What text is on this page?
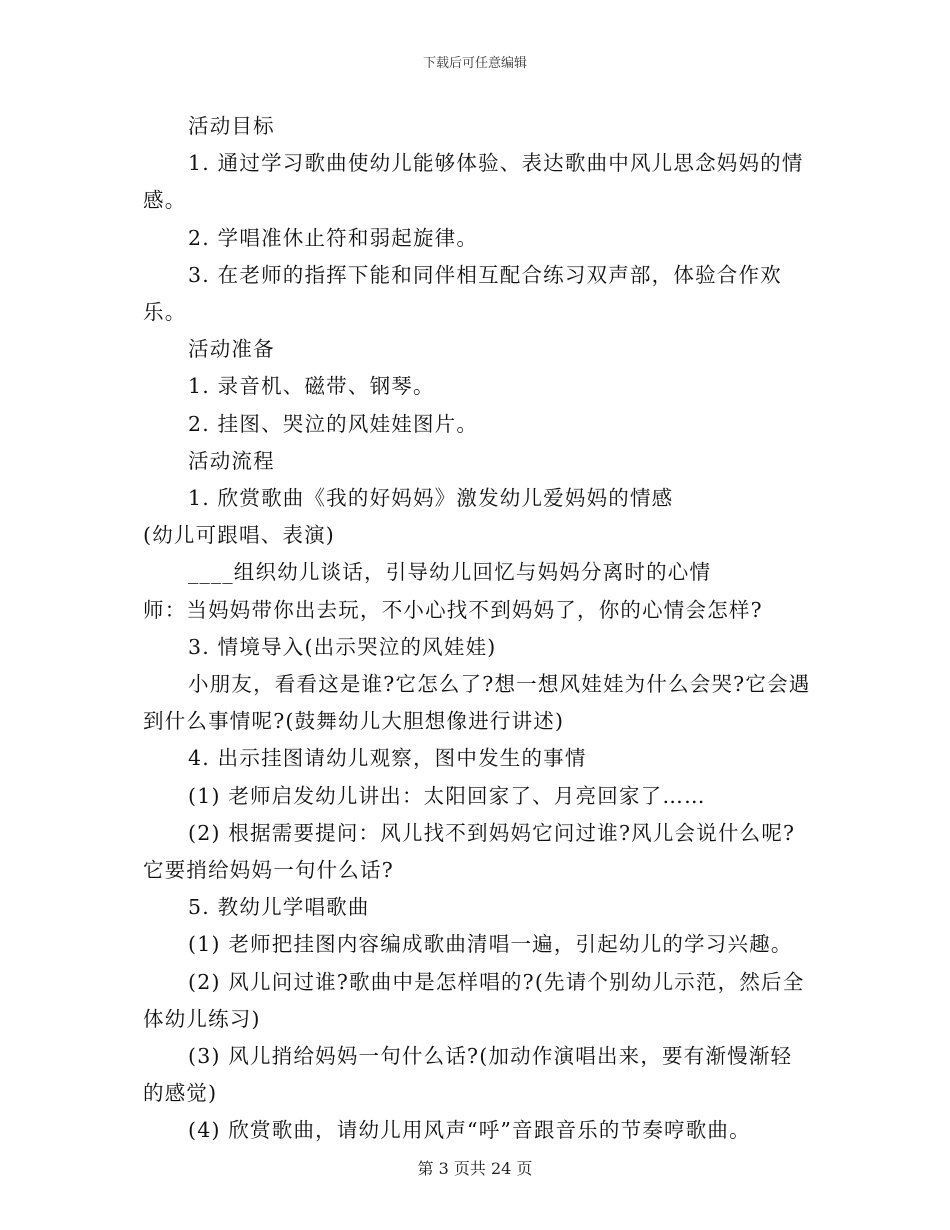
下载后可任意编辑

活动目标

1. 通过学习歌曲使幼儿能够体验、表达歌曲中风儿思念妈妈的情感。

2. 学唱准休止符和弱起旋律。

3. 在老师的指挥下能和同伴相互配合练习双声部，体验合作欢乐。

活动准备

1. 录音机、磁带、钢琴。

2. 挂图、哭泣的风娃娃图片。

活动流程

1. 欣赏歌曲《我的好妈妈》激发幼儿爱妈妈的情感

(幼儿可跟唱、表演)

____组织幼儿谈话，引导幼儿回忆与妈妈分离时的心情

师：当妈妈带你出去玩，不小心找不到妈妈了，你的心情会怎样?

3. 情境导入(出示哭泣的风娃娃)

小朋友，看看这是谁?它怎么了?想一想风娃娃为什么会哭?它会遇到什么事情呢?(鼓舞幼儿大胆想像进行讲述)

4. 出示挂图请幼儿观察，图中发生的事情

(1) 老师启发幼儿讲出：太阳回家了、月亮回家了……

(2) 根据需要提问：风儿找不到妈妈它问过谁?风儿会说什么呢?它要捎给妈妈一句什么话?

5. 教幼儿学唱歌曲

(1) 老师把挂图内容编成歌曲清唱一遍，引起幼儿的学习兴趣。

(2) 风儿问过谁?歌曲中是怎样唱的?(先请个别幼儿示范，然后全体幼儿练习)

(3) 风儿捎给妈妈一句什么话?(加动作演唱出来，要有渐慢渐轻的感觉)

(4) 欣赏歌曲，请幼儿用风声“呼”音跟音乐的节奏哼歌曲。

第 3 页共 24 页
